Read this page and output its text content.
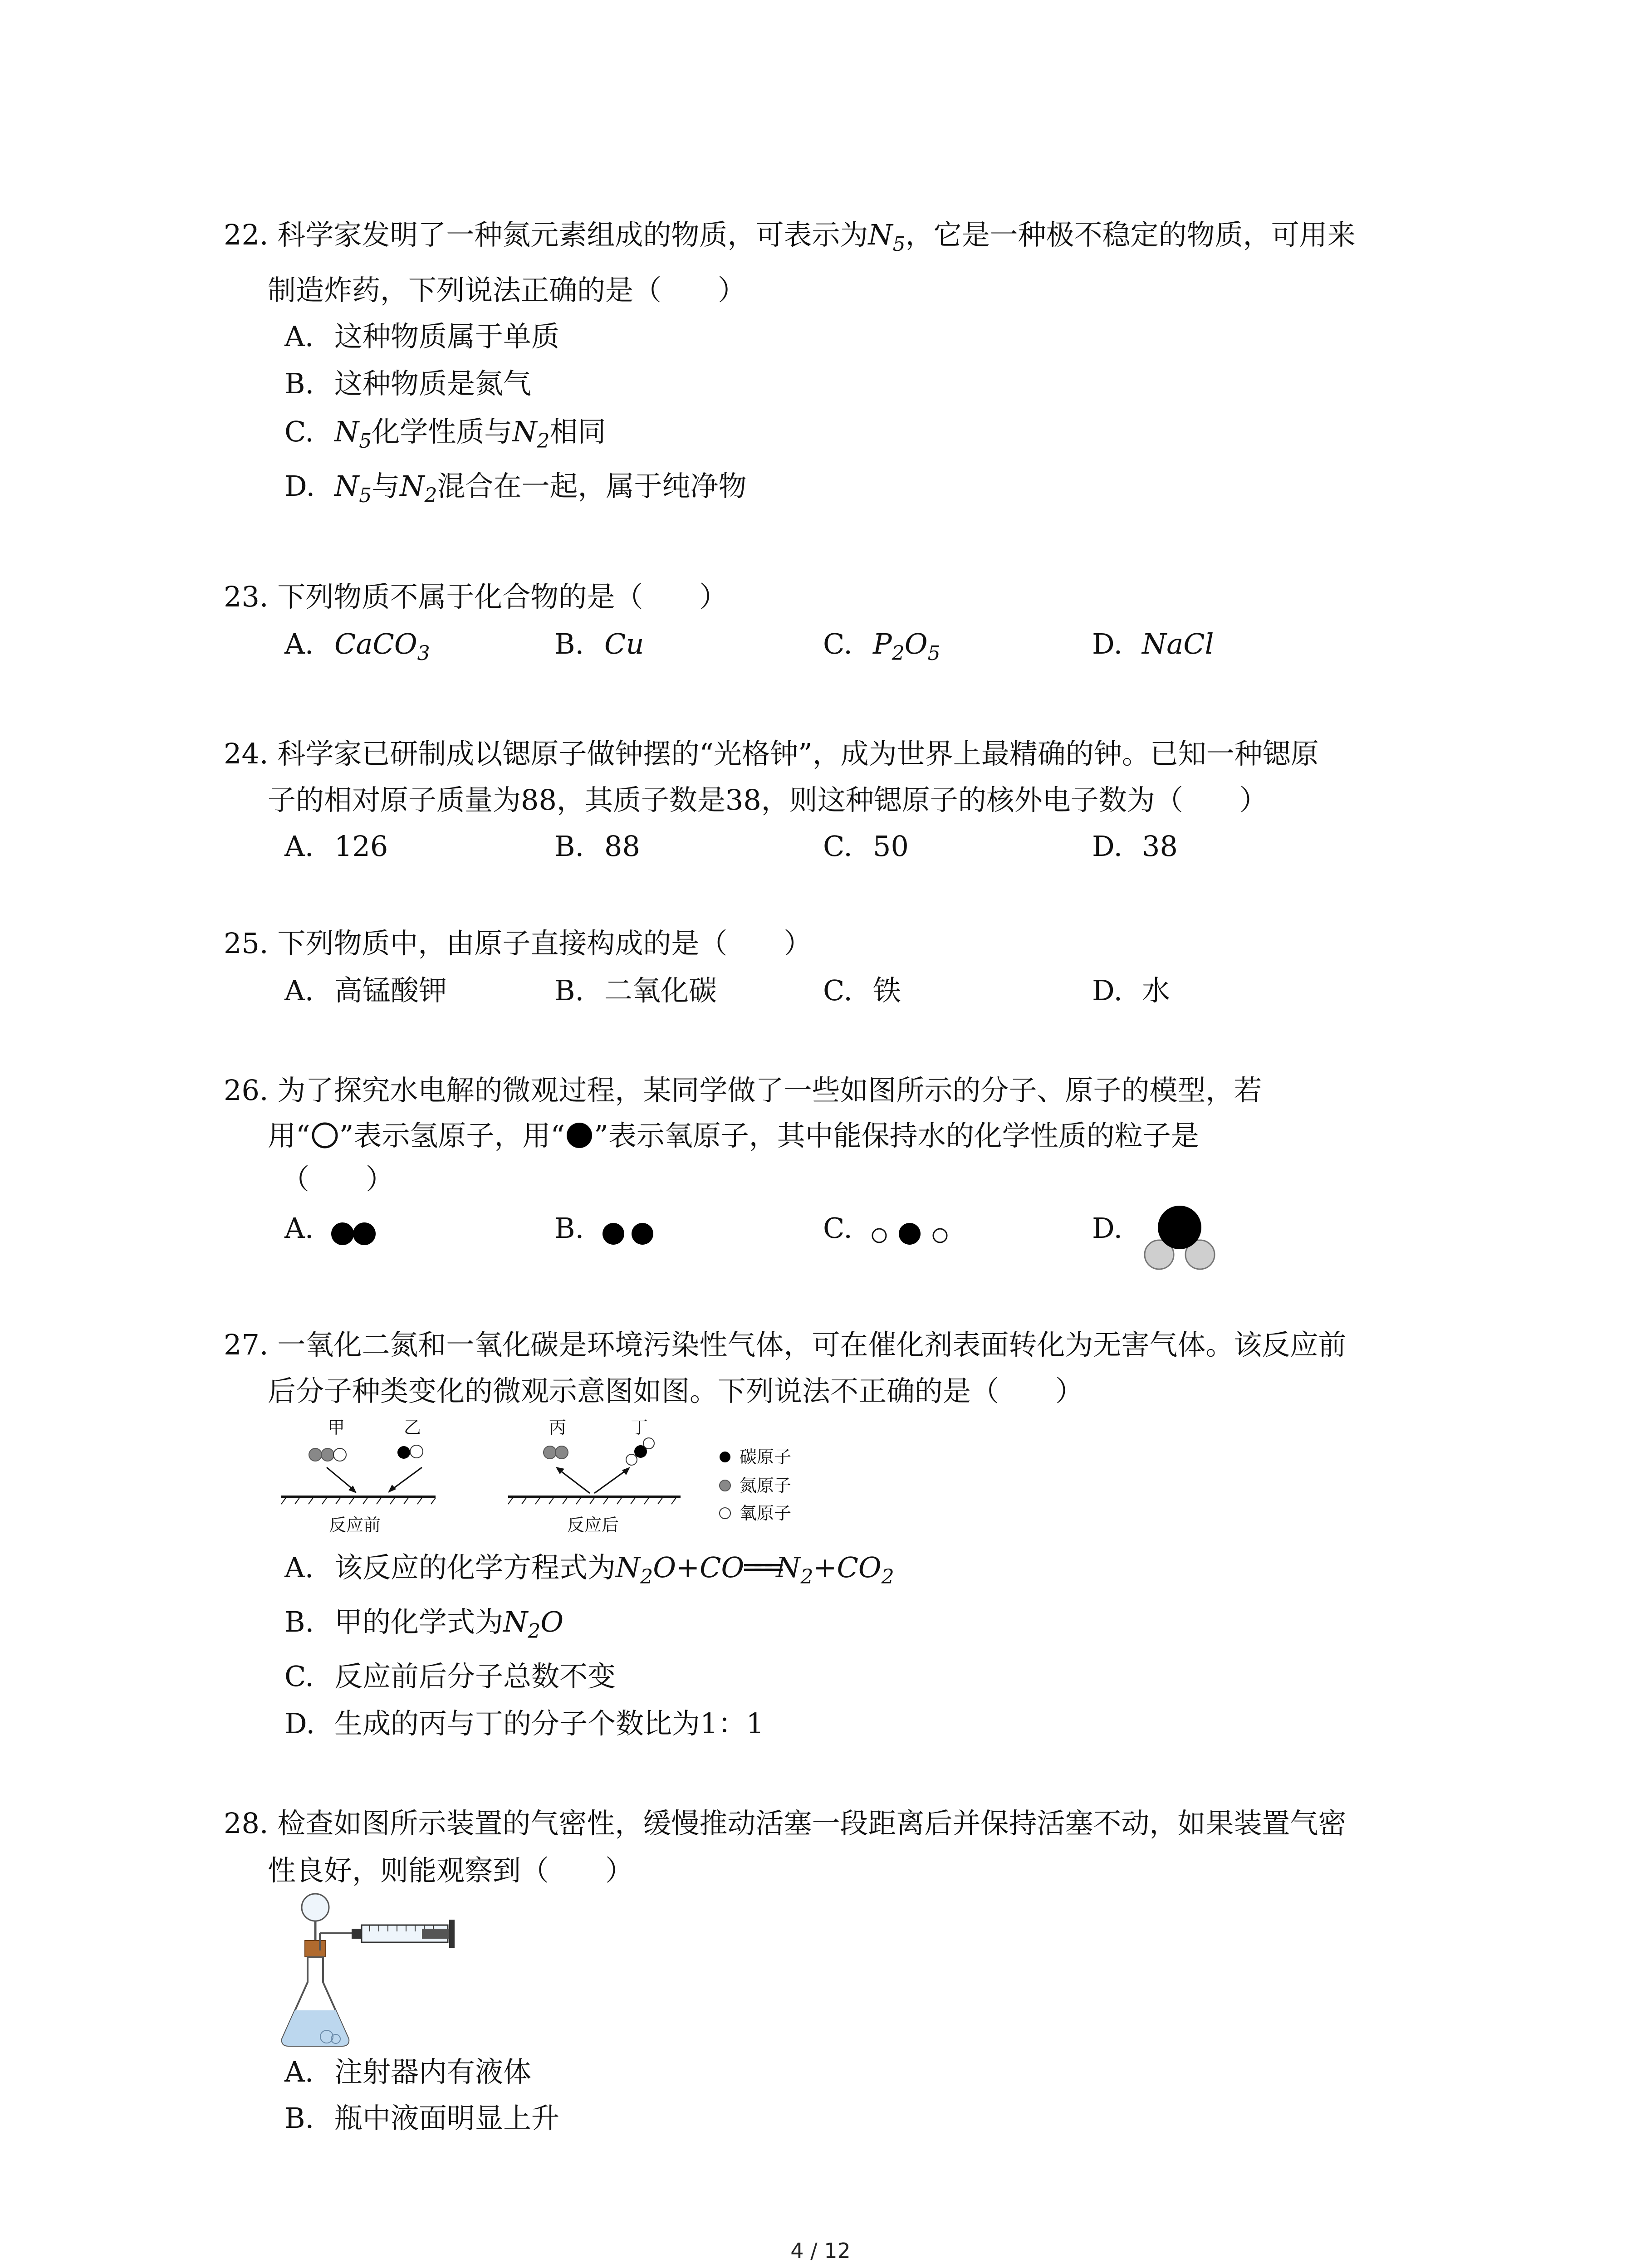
22. 科学家发明了一种氮元素组成的物质，可表示为$N_5$，它是一种极不稳定的物质，可用来
制造炸药，下列说法正确的是（　　）
A. 这种物质属于单质
B. 这种物质是氮气
C. $N_5$化学性质与$N_2$相同
D. $N_5$与$N_2$混合在一起，属于纯净物
23. 下列物质不属于化合物的是（　　）
A. CaCO$_3$	B. Cu	C. $P_2O_5$	D. NaCl
24. 科学家已研制成以锶原子做钟摆的“光格钟”，成为世界上最精确的钟。已知一种锶原
子的相对原子质量为88，其质子数是38，则这种锶原子的核外电子数为（　　）
A. 126	B. 88	C. 50	D. 38
25. 下列物质中，由原子直接构成的是（　　）
A. 高锰酸钾	B. 二氧化碳	C. 铁	D. 水
26. 为了探究水电解的微观过程，某同学做了一些如图所示的分子、原子的模型，若
用“ ”表示氢原子，用“ ”表示氧原子，其中能保持水的化学性质的粒子是
（　　）
A.	B.	C.	D.
27. 一氧化二氮和一氧化碳是环境污染性气体，可在催化剂表面转化为无害气体。该反应前
后分子种类变化的微观示意图如图。下列说法不正确的是（　　）
甲	乙	丙	丁
反应前	反应后
碳原子
氮原子
氧原子
A. 该反应的化学方程式为$N_2O+CO═══N_2+CO_2$
B. 甲的化学式为$N_2O$
C. 反应前后分子总数不变
D. 生成的丙与丁的分子个数比为1：1
28. 检查如图所示装置的气密性，缓慢推动活塞一段距离后并保持活塞不动，如果装置气密
性良好，则能观察到（　　）
A. 注射器内有液体
B. 瓶中液面明显上升
4 / 12
